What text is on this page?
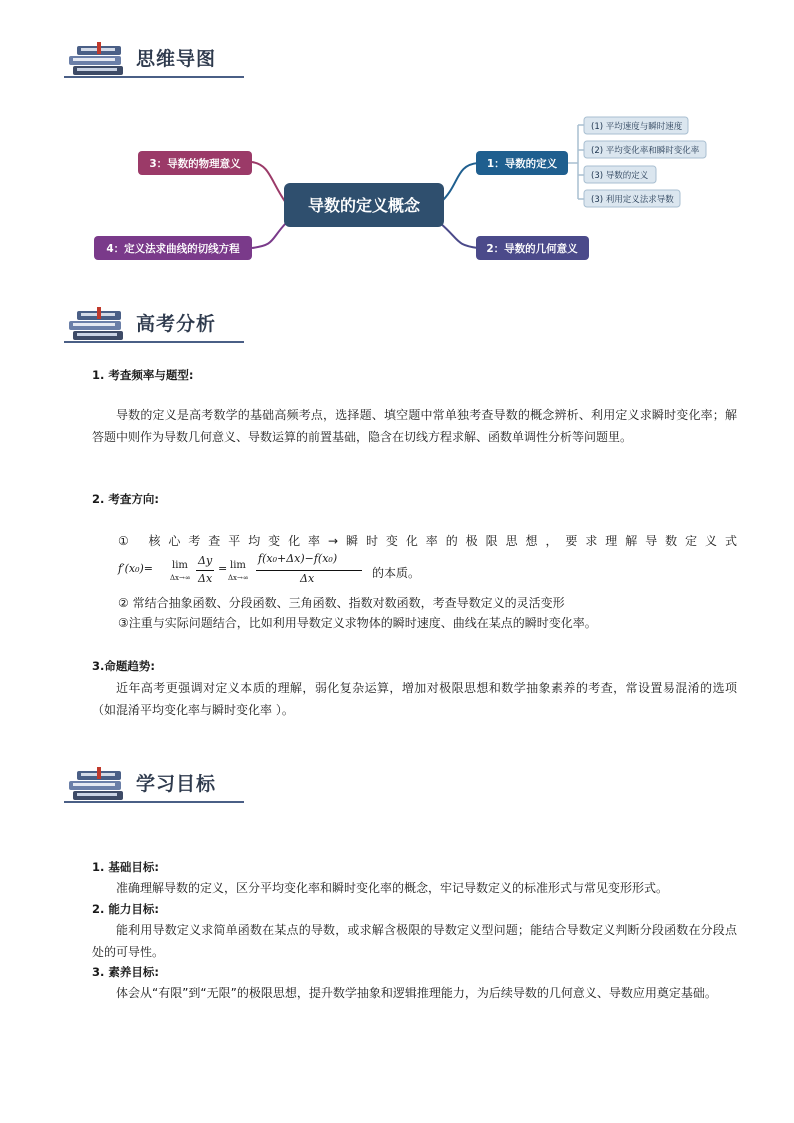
思维导图
导数的定义概念
1：导数的定义
2：导数的几何意义
3：导数的物理意义
4：定义法求曲线的切线方程
(1) 平均速度与瞬时速度
(2) 平均变化率和瞬时变化率
(3) 导数的定义
(3) 利用定义法求导数
高考分析
1. 考查频率与题型:
导数的定义是高考数学的基础高频考点，选择题、填空题中常单独考查导数的概念辨析、利用定义求瞬时变化率；解答题中则作为导数几何意义、导数运算的前置基础，隐含在切线方程求解、函数单调性分析等问题里。
2. 考查方向:
① 核心考查平均变化率→瞬时变化率的极限思想，要求理解导数定义式
f′(x₀)= lim
Δx→∞
Δy
Δx
= lim
Δx→∞
f(x₀+Δx)−f(x₀)
Δx	的本质。
② 常结合抽象函数、分段函数、三角函数、指数对数函数，考查导数定义的灵活变形
③注重与实际问题结合，比如利用导数定义求物体的瞬时速度、曲线在某点的瞬时变化率。
3.命题趋势:
近年高考更强调对定义本质的理解，弱化复杂运算，增加对极限思想和数学抽象素养的考查，常设置易混淆的选项（如混淆平均变化率与瞬时变化率 ）。
学习目标
1. 基础目标:
准确理解导数的定义，区分平均变化率和瞬时变化率的概念，牢记导数定义的标准形式与常见变形形式。
2. 能力目标:
能利用导数定义求简单函数在某点的导数，或求解含极限的导数定义型问题；能结合导数定义判断分段函数在分段点处的可导性。
3. 素养目标:
体会从“有限”到“无限”的极限思想，提升数学抽象和逻辑推理能力，为后续导数的几何意义、导数应用奠定基础。
